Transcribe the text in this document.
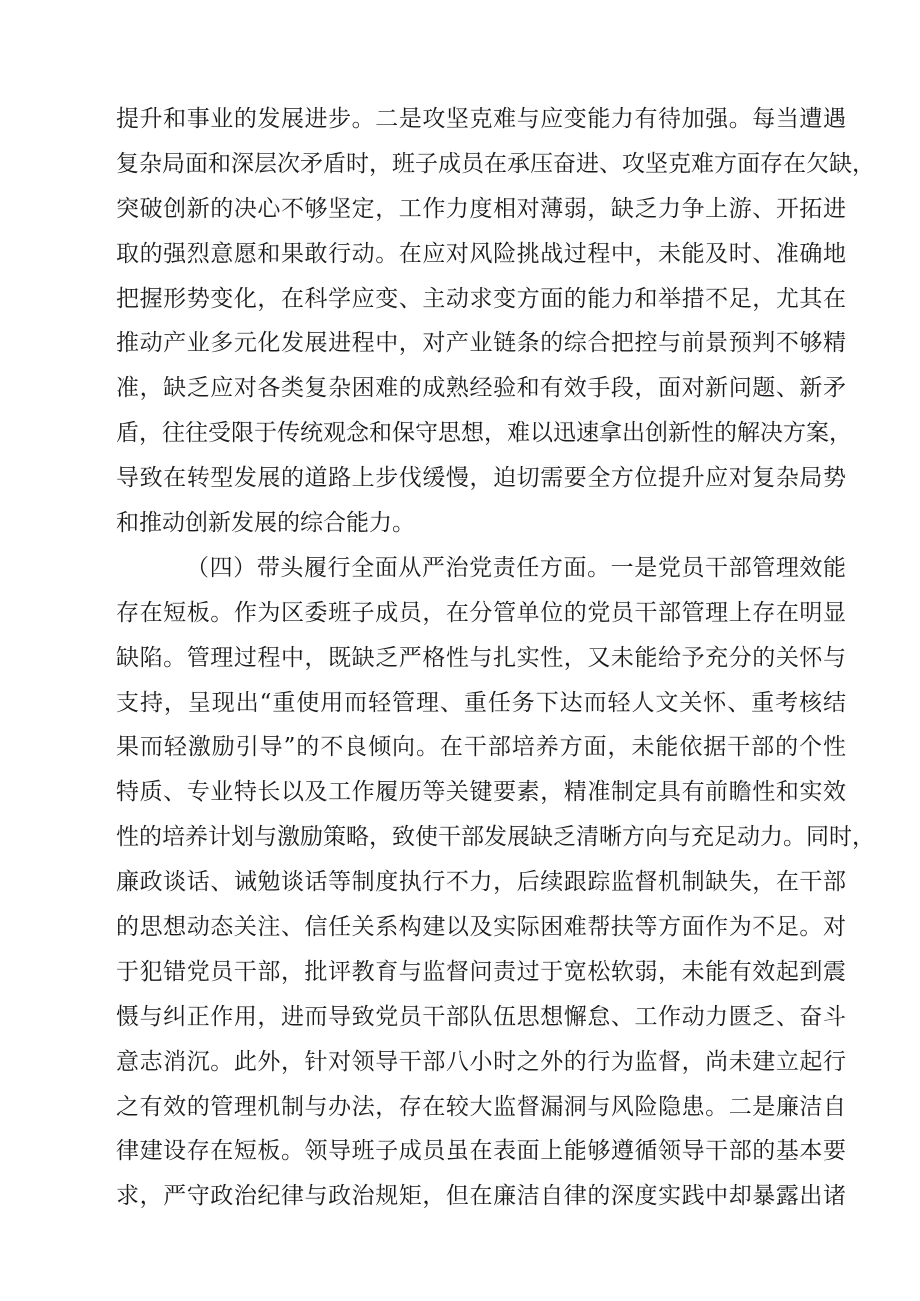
提升和事业的发展进步。二是攻坚克难与应变能力有待加强。每当遭遇
复杂局面和深层次矛盾时，班子成员在承压奋进、攻坚克难方面存在欠缺，
突破创新的决心不够坚定，工作力度相对薄弱，缺乏力争上游、开拓进
取的强烈意愿和果敢行动。在应对风险挑战过程中，未能及时、准确地
把握形势变化，在科学应变、主动求变方面的能力和举措不足，尤其在
推动产业多元化发展进程中，对产业链条的综合把控与前景预判不够精
准，缺乏应对各类复杂困难的成熟经验和有效手段，面对新问题、新矛
盾，往往受限于传统观念和保守思想，难以迅速拿出创新性的解决方案，
导致在转型发展的道路上步伐缓慢，迫切需要全方位提升应对复杂局势
和推动创新发展的综合能力。
（四）带头履行全面从严治党责任方面。一是党员干部管理效能
存在短板。作为区委班子成员，在分管单位的党员干部管理上存在明显
缺陷。管理过程中，既缺乏严格性与扎实性，又未能给予充分的关怀与
支持，呈现出“重使用而轻管理、重任务下达而轻人文关怀、重考核结
果而轻激励引导”的不良倾向。在干部培养方面，未能依据干部的个性
特质、专业特长以及工作履历等关键要素，精准制定具有前瞻性和实效
性的培养计划与激励策略，致使干部发展缺乏清晰方向与充足动力。同时，
廉政谈话、诫勉谈话等制度执行不力，后续跟踪监督机制缺失，在干部
的思想动态关注、信任关系构建以及实际困难帮扶等方面作为不足。对
于犯错党员干部，批评教育与监督问责过于宽松软弱，未能有效起到震
慑与纠正作用，进而导致党员干部队伍思想懈怠、工作动力匮乏、奋斗
意志消沉。此外，针对领导干部八小时之外的行为监督，尚未建立起行
之有效的管理机制与办法，存在较大监督漏洞与风险隐患。二是廉洁自
律建设存在短板。领导班子成员虽在表面上能够遵循领导干部的基本要
求，严守政治纪律与政治规矩，但在廉洁自律的深度实践中却暴露出诸
